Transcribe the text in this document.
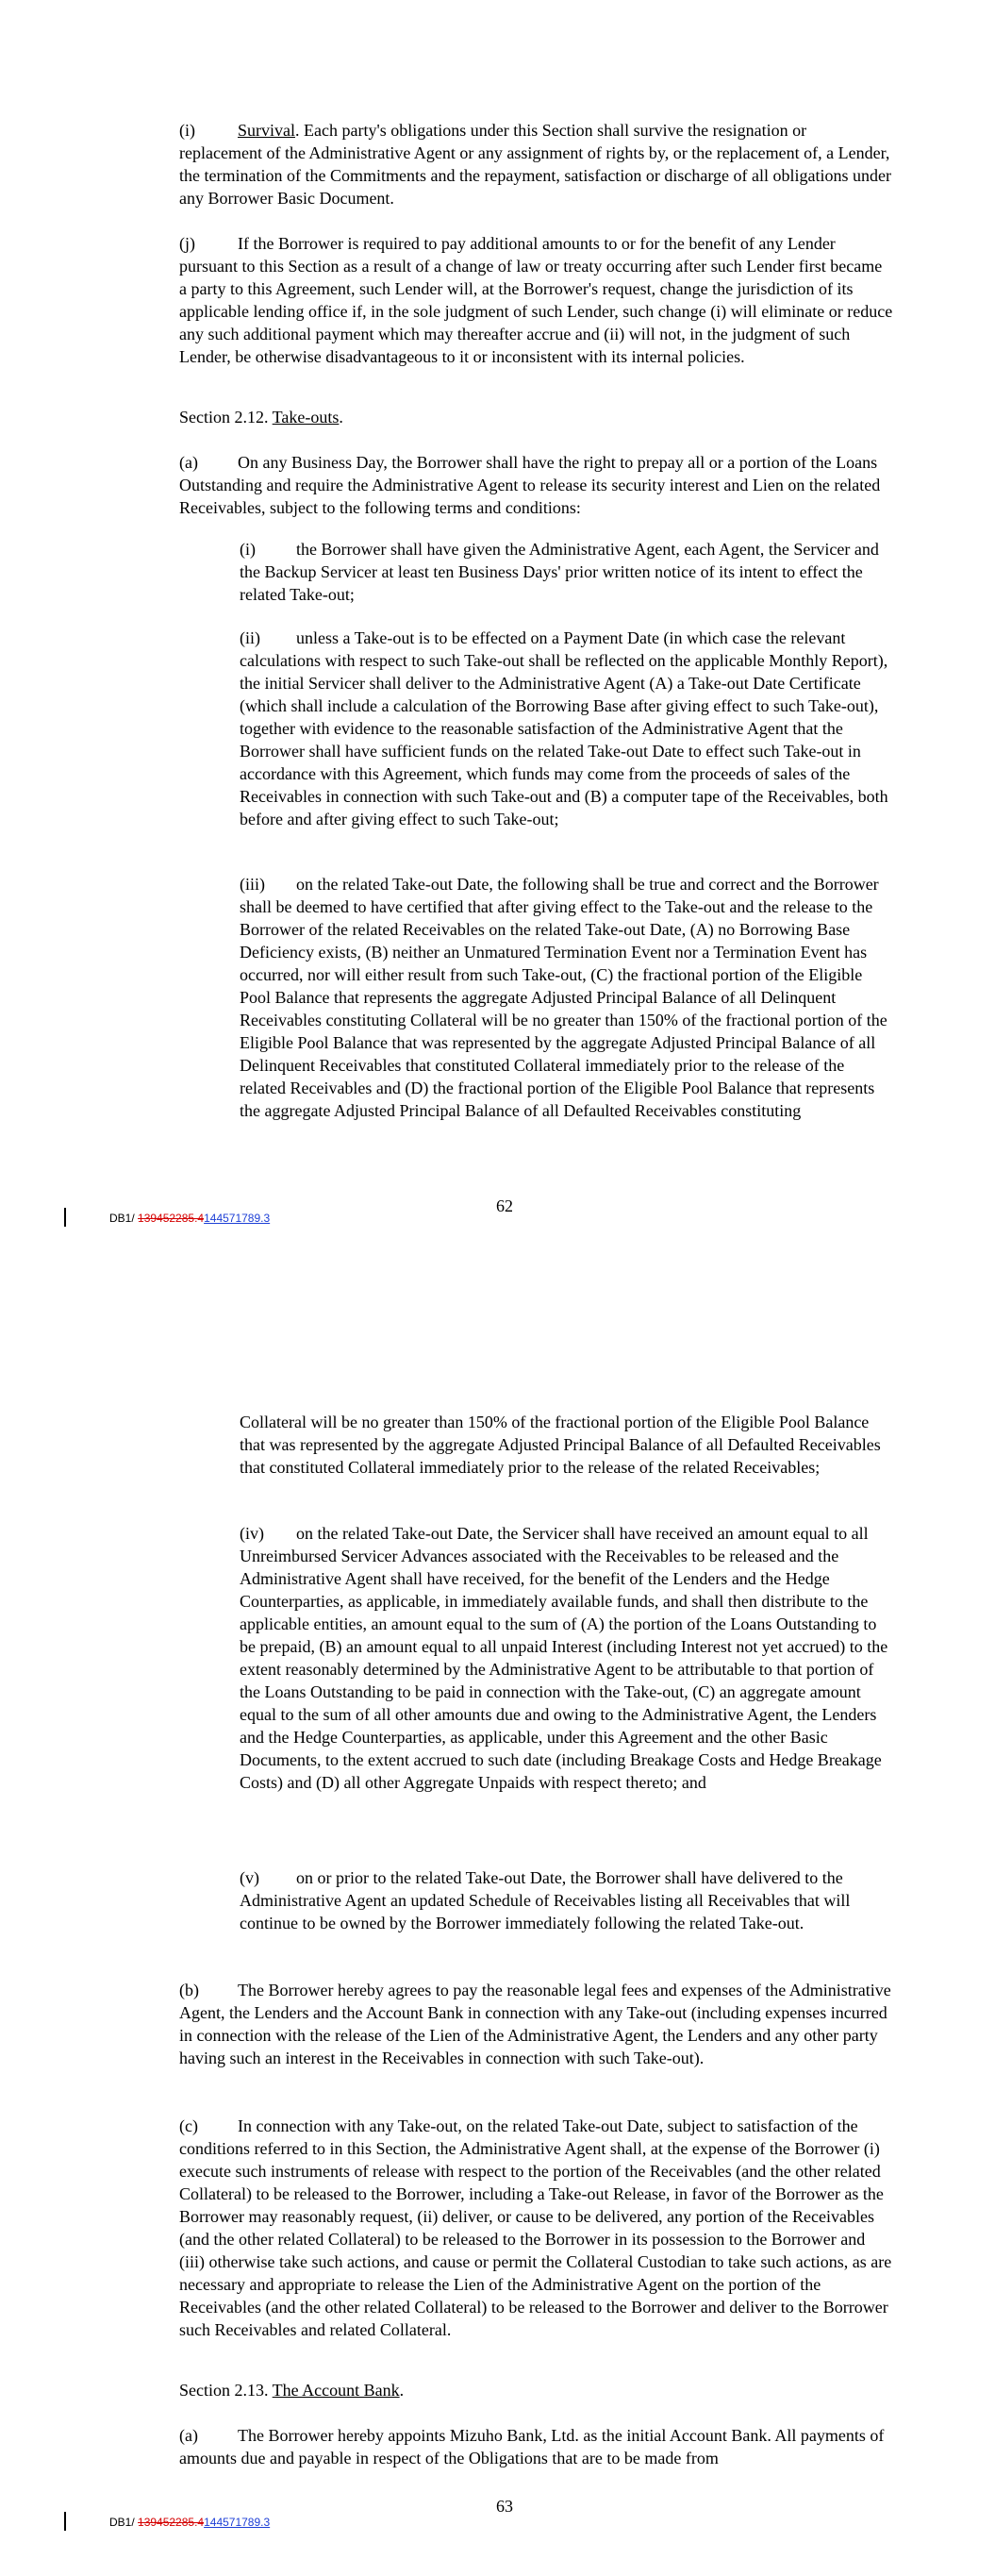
(i)	Survival. Each party's obligations under this Section shall survive the resignation or replacement of the Administrative Agent or any assignment of rights by, or the replacement of, a Lender, the termination of the Commitments and the repayment, satisfaction or discharge of all obligations under any Borrower Basic Document.

(j)	If the Borrower is required to pay additional amounts to or for the benefit of any Lender pursuant to this Section as a result of a change of law or treaty occurring after such Lender first became a party to this Agreement, such Lender will, at the Borrower's request, change the jurisdiction of its applicable lending office if, in the sole judgment of such Lender, such change (i) will eliminate or reduce any such additional payment which may thereafter accrue and (ii) will not, in the judgment of such Lender, be otherwise disadvantageous to it or inconsistent with its internal policies.

Section 2.12. Take-outs.

(a) On any Business Day, the Borrower shall have the right to prepay all or a portion of the Loans Outstanding and require the Administrative Agent to release its security interest and Lien on the related Receivables, subject to the following terms and conditions:

(i) the Borrower shall have given the Administrative Agent, each Agent, the Servicer and the Backup Servicer at least ten Business Days' prior written notice of its intent to effect the related Take-out;

(ii) unless a Take-out is to be effected on a Payment Date (in which case the relevant calculations with respect to such Take-out shall be reflected on the applicable Monthly Report), the initial Servicer shall deliver to the Administrative Agent (A) a Take-out Date Certificate (which shall include a calculation of the Borrowing Base after giving effect to such Take-out), together with evidence to the reasonable satisfaction of the Administrative Agent that the Borrower shall have sufficient funds on the related Take-out Date to effect such Take-out in accordance with this Agreement, which funds may come from the proceeds of sales of the Receivables in connection with such Take-out and (B) a computer tape of the Receivables, both before and after giving effect to such Take-out;

(iii) on the related Take-out Date, the following shall be true and correct and the Borrower shall be deemed to have certified that after giving effect to the Take-out and the release to the Borrower of the related Receivables on the related Take-out Date, (A) no Borrowing Base Deficiency exists, (B) neither an Unmatured Termination Event nor a Termination Event has occurred, nor will either result from such Take-out, (C) the fractional portion of the Eligible Pool Balance that represents the aggregate Adjusted Principal Balance of all Delinquent Receivables constituting Collateral will be no greater than 150% of the fractional portion of the Eligible Pool Balance that was represented by the aggregate Adjusted Principal Balance of all Delinquent Receivables that constituted Collateral immediately prior to the release of the related Receivables and (D) the fractional portion of the Eligible Pool Balance that represents the aggregate Adjusted Principal Balance of all Defaulted Receivables constituting

62
DB1/ 139452285.4144571789.3

Collateral will be no greater than 150% of the fractional portion of the Eligible Pool Balance that was represented by the aggregate Adjusted Principal Balance of all Defaulted Receivables that constituted Collateral immediately prior to the release of the related Receivables;

(iv) on the related Take-out Date, the Servicer shall have received an amount equal to all Unreimbursed Servicer Advances associated with the Receivables to be released and the Administrative Agent shall have received, for the benefit of the Lenders and the Hedge Counterparties, as applicable, in immediately available funds, and shall then distribute to the applicable entities, an amount equal to the sum of (A) the portion of the Loans Outstanding to be prepaid, (B) an amount equal to all unpaid Interest (including Interest not yet accrued) to the extent reasonably determined by the Administrative Agent to be attributable to that portion of the Loans Outstanding to be paid in connection with the Take-out, (C) an aggregate amount equal to the sum of all other amounts due and owing to the Administrative Agent, the Lenders and the Hedge Counterparties, as applicable, under this Agreement and the other Basic Documents, to the extent accrued to such date (including Breakage Costs and Hedge Breakage Costs) and (D) all other Aggregate Unpaids with respect thereto; and

(v) on or prior to the related Take-out Date, the Borrower shall have delivered to the Administrative Agent an updated Schedule of Receivables listing all Receivables that will continue to be owned by the Borrower immediately following the related Take-out.

(b) The Borrower hereby agrees to pay the reasonable legal fees and expenses of the Administrative Agent, the Lenders and the Account Bank in connection with any Take-out (including expenses incurred in connection with the release of the Lien of the Administrative Agent, the Lenders and any other party having such an interest in the Receivables in connection with such Take-out).

(c) In connection with any Take-out, on the related Take-out Date, subject to satisfaction of the conditions referred to in this Section, the Administrative Agent shall, at the expense of the Borrower (i) execute such instruments of release with respect to the portion of the Receivables (and the other related Collateral) to be released to the Borrower, including a Take-out Release, in favor of the Borrower as the Borrower may reasonably request, (ii) deliver, or cause to be delivered, any portion of the Receivables (and the other related Collateral) to be released to the Borrower in its possession to the Borrower and (iii) otherwise take such actions, and cause or permit the Collateral Custodian to take such actions, as are necessary and appropriate to release the Lien of the Administrative Agent on the portion of the Receivables (and the other related Collateral) to be released to the Borrower and deliver to the Borrower such Receivables and related Collateral.

Section 2.13. The Account Bank.

(a) The Borrower hereby appoints Mizuho Bank, Ltd. as the initial Account Bank. All payments of amounts due and payable in respect of the Obligations that are to be made from

63
DB1/ 139452285.4144571789.3
